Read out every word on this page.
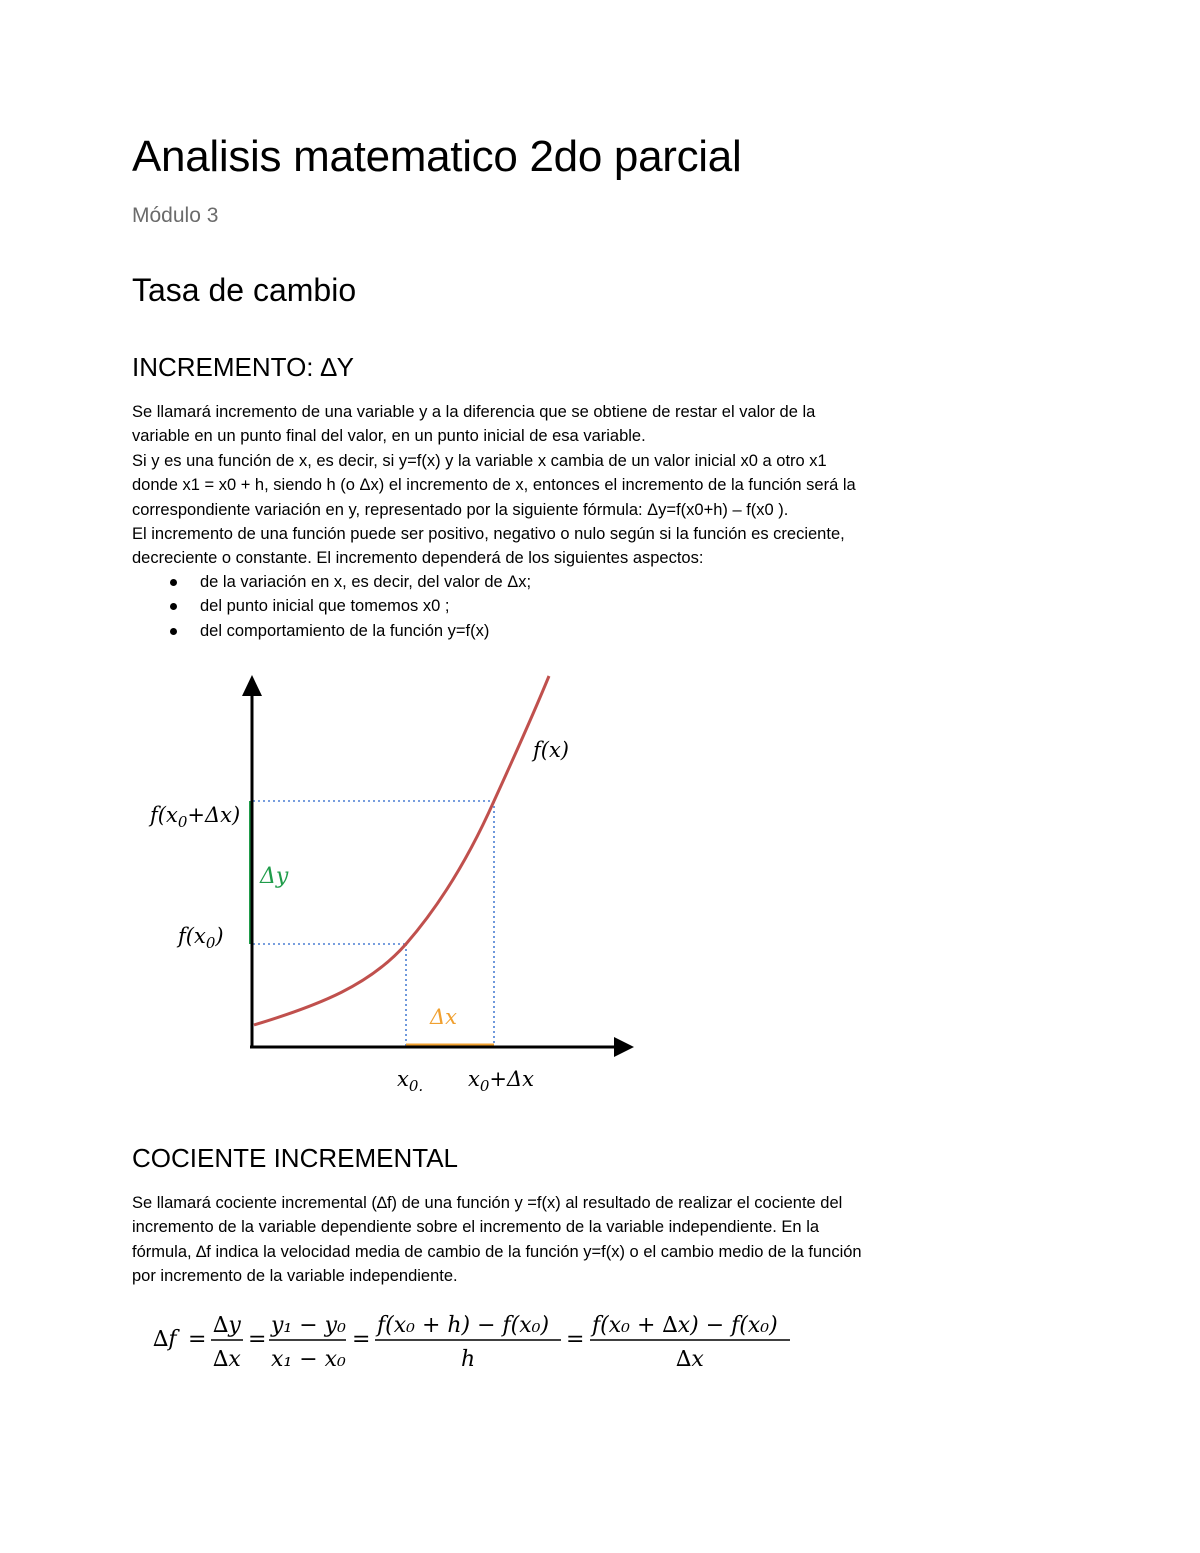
Analisis matematico 2do parcial
Módulo 3
Tasa de cambio
INCREMENTO: ∆Y
Se llamará incremento de una variable y a la diferencia que se obtiene de restar el valor de la
variable en un punto final del valor, en un punto inicial de esa variable.
Si y es una función de x, es decir, si y=f(x) y la variable x cambia de un valor inicial x0 a otro x1
donde x1 = x0 + h, siendo h (o Δx) el incremento de x, entonces el incremento de la función será la
correspondiente variación en y, representado por la siguiente fórmula: Δy=f(x0+h) – f(x0 ).
El incremento de una función puede ser positivo, negativo o nulo según si la función es creciente,
decreciente o constante. El incremento dependerá de los siguientes aspectos:
de la variación en x, es decir, del valor de Δx;
del punto inicial que tomemos x0 ;
del comportamiento de la función y=f(x)
f(x)
$f(x_0+\Delta x)$
Δy
$f(x_0)$
Δx
$x_{0.}$ $x_0+\Delta x$
∆f =
∆y
∆x
=
y₁ − y₀
x₁ − x₀
=
f(x₀ + h) − f(x₀)
h
=
f(x₀ + ∆x) − f(x₀)
∆x
COCIENTE INCREMENTAL
Se llamará cociente incremental (∆f) de una función y =f(x) al resultado de realizar el cociente del
incremento de la variable dependiente sobre el incremento de la variable independiente. En la
fórmula, ∆f indica la velocidad media de cambio de la función y=f(x) o el cambio medio de la función
por incremento de la variable independiente.
